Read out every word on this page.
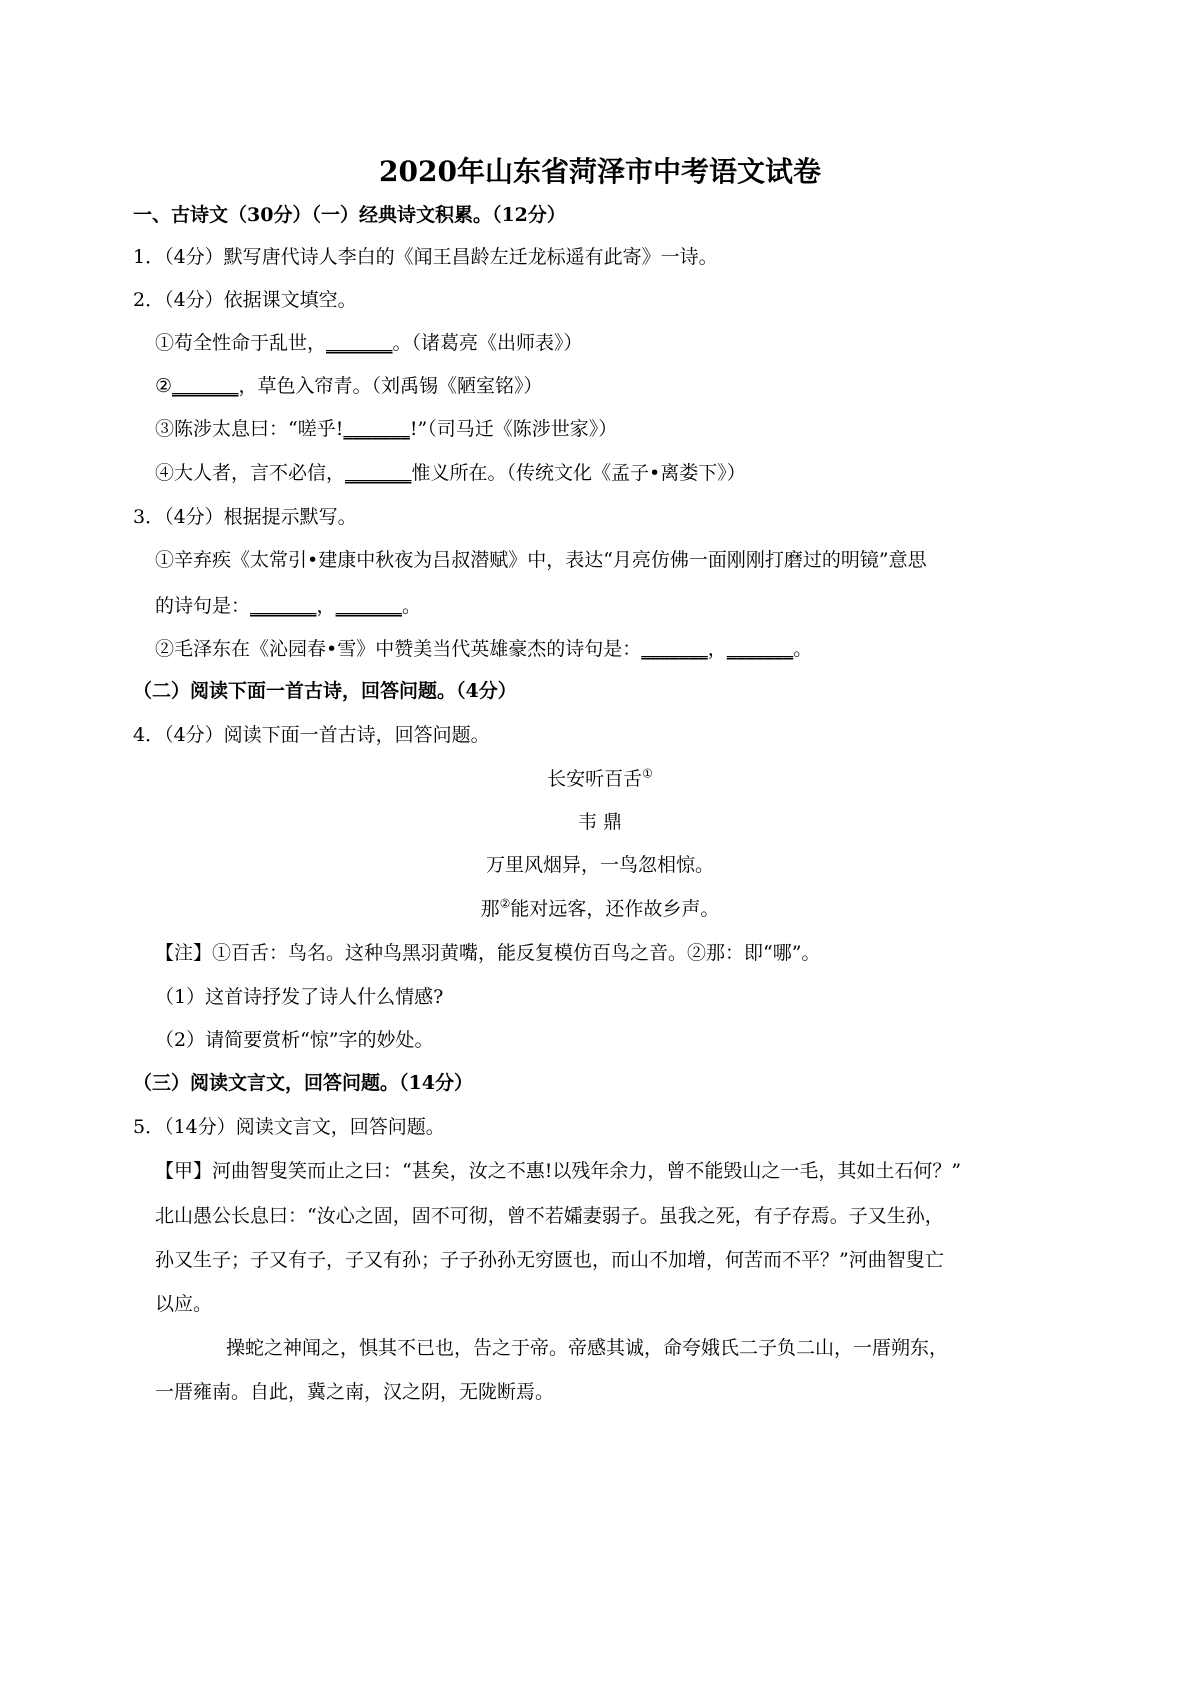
2020年山东省菏泽市中考语文试卷
一、古诗文（30分）（一）经典诗文积累。（12分）
1．（4分）默写唐代诗人李白的《闻王昌龄左迁龙标遥有此寄》一诗。
2．（4分）依据课文填空。
①苟全性命于乱世，_______。（诸葛亮《出师表》）
②_______，草色入帘青。（刘禹锡《陋室铭》）
③陈涉太息曰：“嗟乎!_______!”（司马迁《陈涉世家》）
④大人者，言不必信，_______惟义所在。（传统文化《孟子•离娄下》）
3．（4分）根据提示默写。
①辛弃疾《太常引•建康中秋夜为吕叔潜赋》中，表达“月亮仿佛一面刚刚打磨过的明镜”意思
的诗句是：_______，_______。
②毛泽东在《沁园春•雪》中赞美当代英雄豪杰的诗句是：_______，_______。
（二）阅读下面一首古诗，回答问题。（4分）
4．（4分）阅读下面一首古诗，回答问题。
长安听百舌①
韦 鼎
万里风烟异，一鸟忽相惊。
那②能对远客，还作故乡声。
【注】①百舌：鸟名。这种鸟黑羽黄嘴，能反复模仿百鸟之音。②那：即“哪”。
（1）这首诗抒发了诗人什么情感?
（2）请简要赏析“惊”字的妙处。
（三）阅读文言文，回答问题。（14分）
5．（14分）阅读文言文，回答问题。
【甲】河曲智叟笑而止之曰：“甚矣，汝之不惠!以残年余力，曾不能毁山之一毛，其如土石何？”
北山愚公长息曰：“汝心之固，固不可彻，曾不若孀妻弱子。虽我之死，有子存焉。子又生孙，
孙又生子；子又有子，子又有孙；子子孙孙无穷匮也，而山不加增，何苦而不平？”河曲智叟亡
以应。
操蛇之神闻之，惧其不已也，告之于帝。帝感其诚，命夸娥氏二子负二山，一厝朔东，
一厝雍南。自此，冀之南，汉之阴，无陇断焉。
